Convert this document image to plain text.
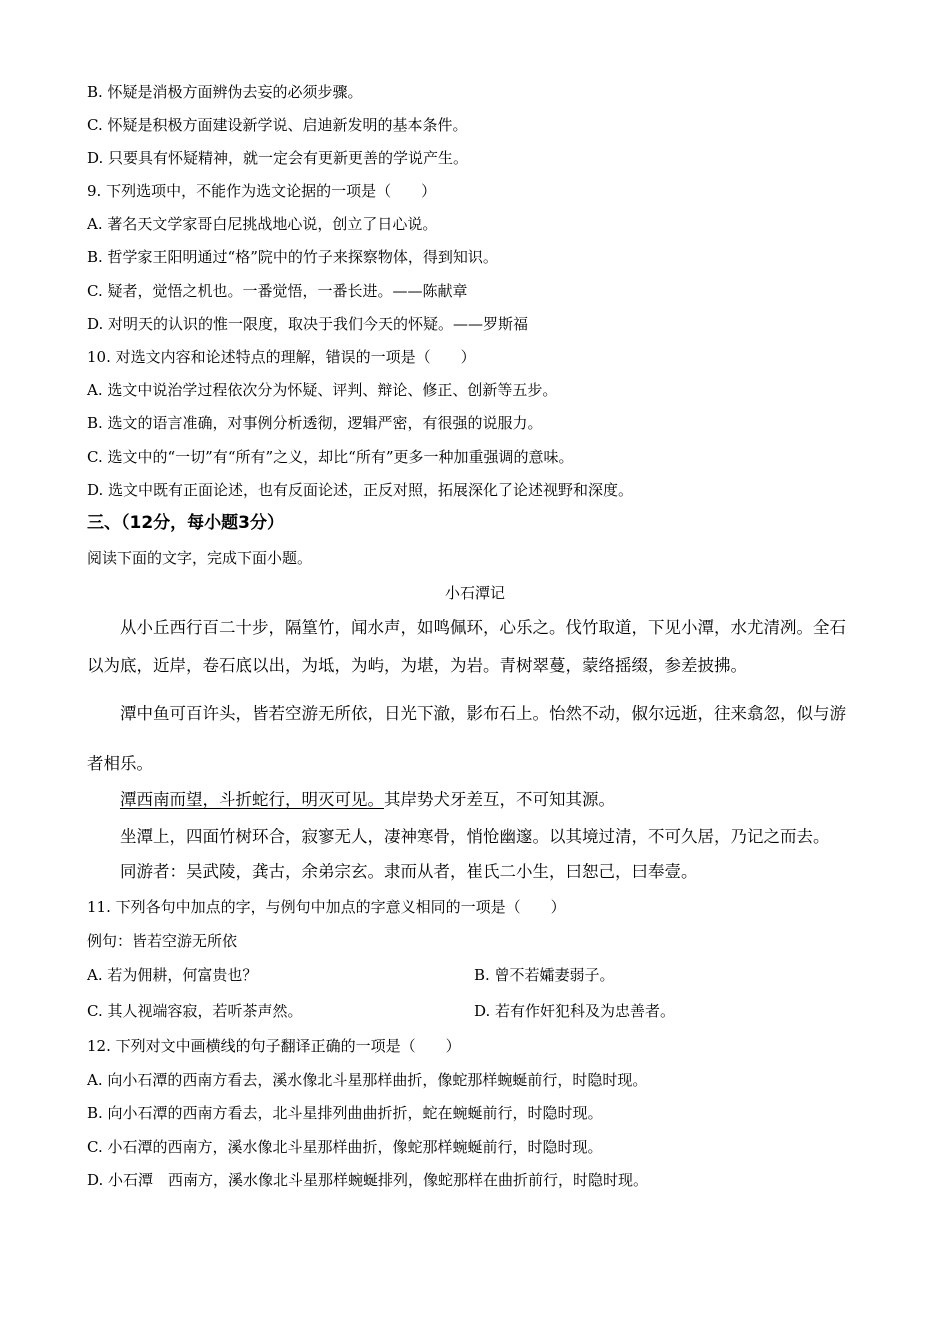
B. 怀疑是消极方面辨伪去妄的必须步骤。
C. 怀疑是积极方面建设新学说、启迪新发明的基本条件。
D. 只要具有怀疑精神，就一定会有更新更善的学说产生。
9. 下列选项中，不能作为选文论据的一项是（　　）
A. 著名天文学家哥白尼挑战地心说，创立了日心说。
B. 哲学家王阳明通过“格”院中的竹子来探察物体，得到知识。
C. 疑者，觉悟之机也。一番觉悟，一番长进。——陈献章
D. 对明天的认识的惟一限度，取决于我们今天的怀疑。——罗斯福
10. 对选文内容和论述特点的理解，错误的一项是（　　）
A. 选文中说治学过程依次分为怀疑、评判、辩论、修正、创新等五步。
B. 选文的语言准确，对事例分析透彻，逻辑严密，有很强的说服力。
C. 选文中的“一切”有“所有”之义，却比“所有”更多一种加重强调的意味。
D. 选文中既有正面论述，也有反面论述，正反对照，拓展深化了论述视野和深度。
三、（12分，每小题3分）
阅读下面的文字，完成下面小题。
小石潭记
从小丘西行百二十步，隔篁竹，闻水声，如鸣佩环，心乐之。伐竹取道，下见小潭，水尤清冽。全石
以为底，近岸，卷石底以出，为坻，为屿，为堪，为岩。青树翠蔓，蒙络摇缀，参差披拂。
潭中鱼可百许头，皆若空游无所依，日光下澈，影布石上。怡然不动，俶尔远逝，往来翕忽，似与游
者相乐。
潭西南而望，斗折蛇行，明灭可见。其岸势犬牙差互，不可知其源。
坐潭上，四面竹树环合，寂寥无人，凄神寒骨，悄怆幽邃。以其境过清，不可久居，乃记之而去。
同游者：吴武陵，龚古，余弟宗玄。隶而从者，崔氏二小生，曰恕己，曰奉壹。
11. 下列各句中加点的字，与例句中加点的字意义相同的一项是（　　）
例句：皆若空游无所依
A. 若为佣耕，何富贵也？	B. 曾不若孀妻弱子。
C. 其人视端容寂，若听茶声然。	D. 若有作奸犯科及为忠善者。
12. 下列对文中画横线的句子翻译正确的一项是（　　）
A. 向小石潭的西南方看去，溪水像北斗星那样曲折，像蛇那样蜿蜒前行，时隐时现。
B. 向小石潭的西南方看去，北斗星排列曲曲折折，蛇在蜿蜒前行，时隐时现。
C. 小石潭的西南方，溪水像北斗星那样曲折，像蛇那样蜿蜒前行，时隐时现。
D. 小石潭　西南方，溪水像北斗星那样蜿蜒排列，像蛇那样在曲折前行，时隐时现。
